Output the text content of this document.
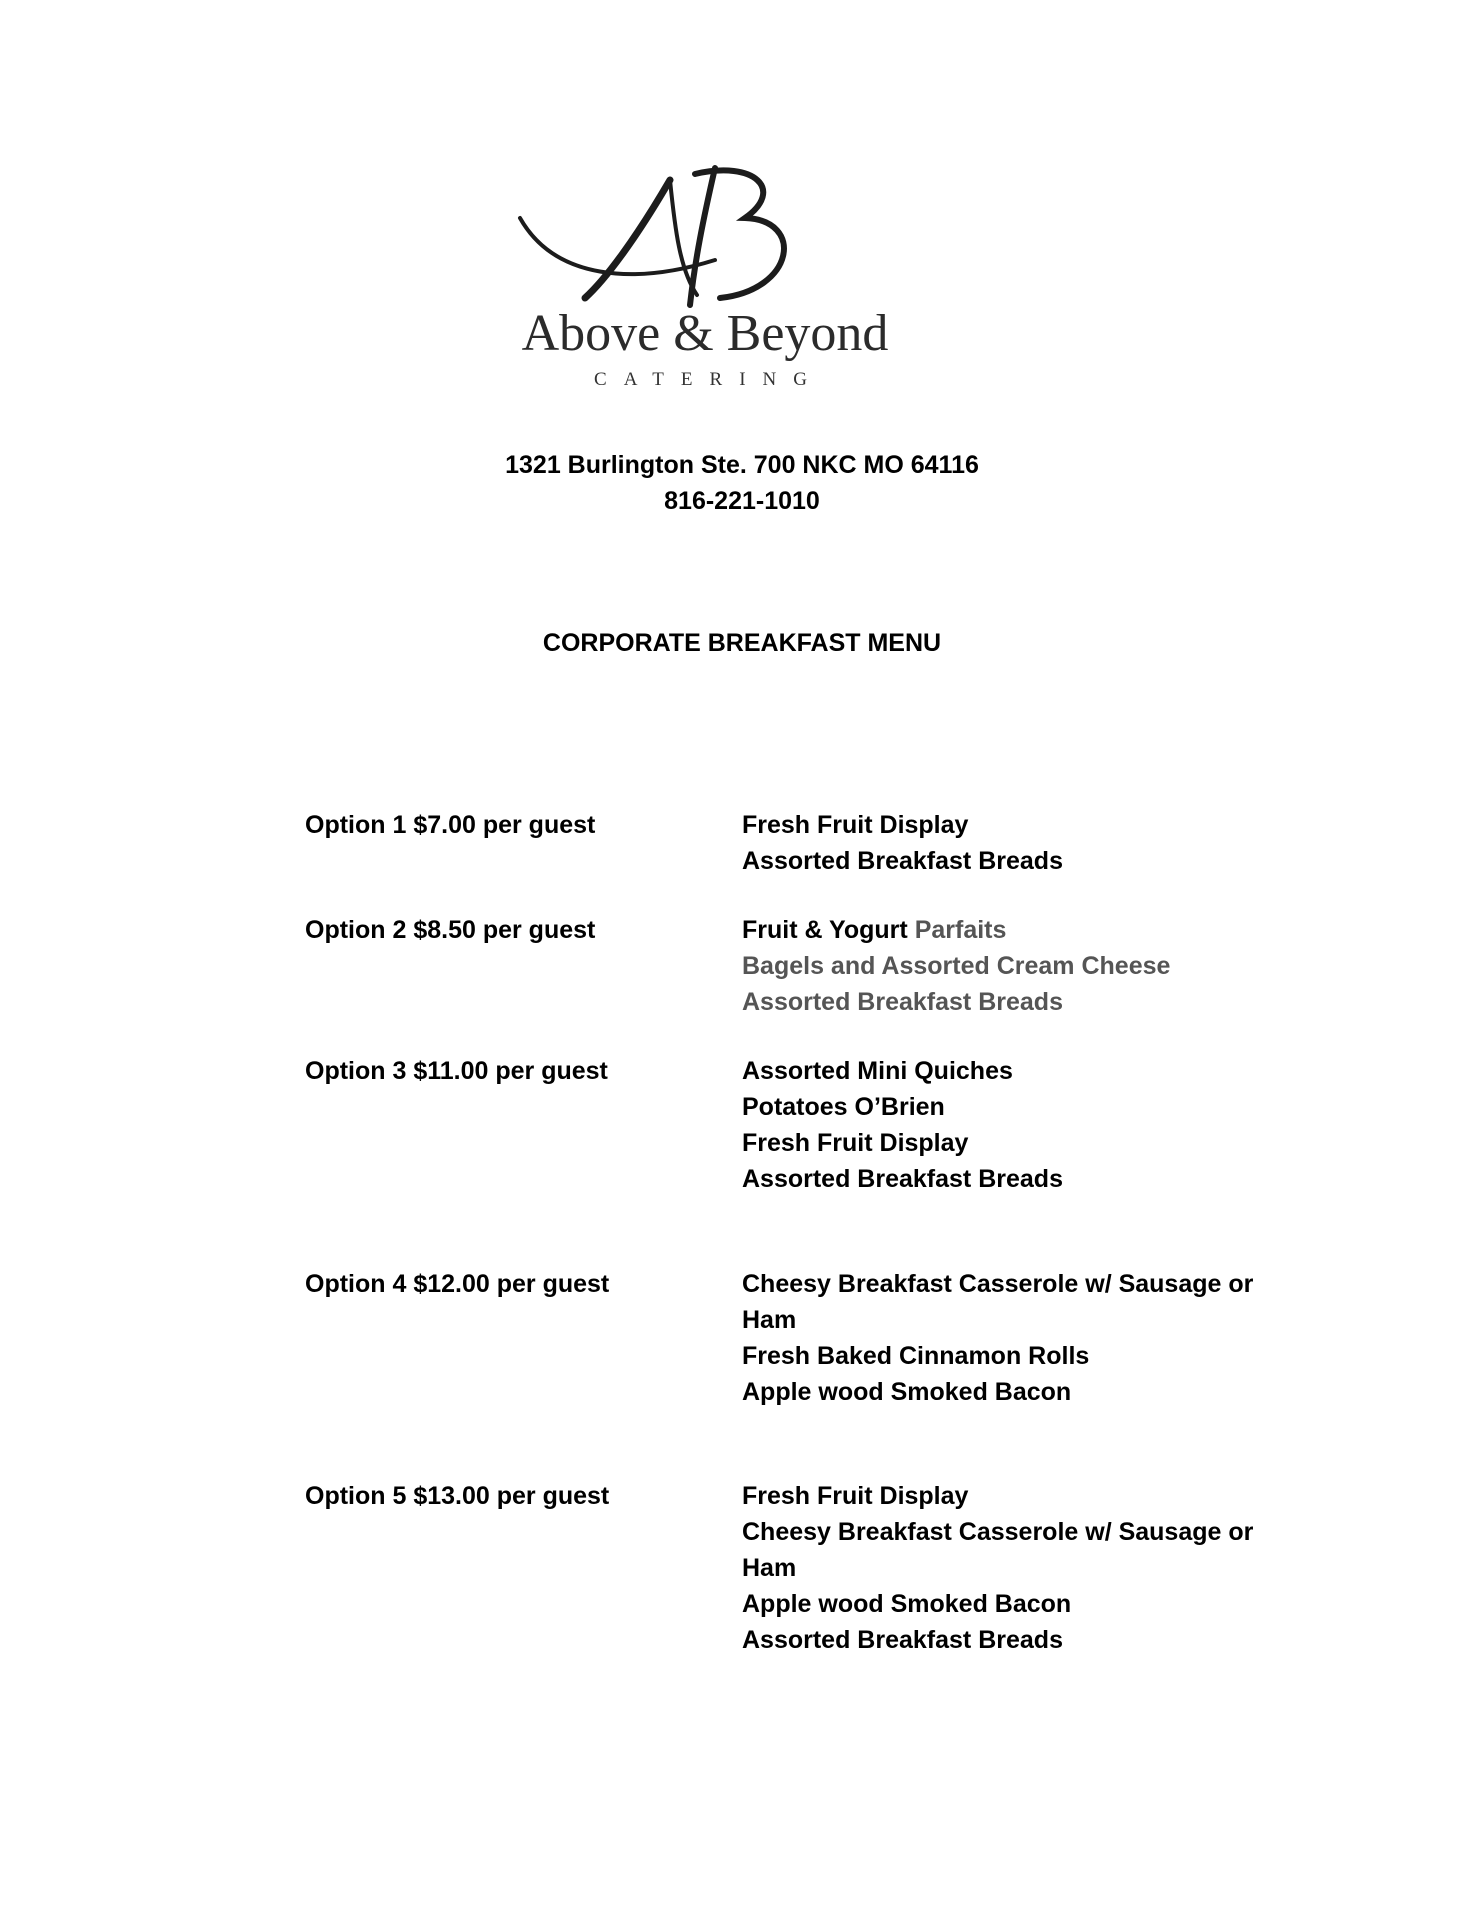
Above & Beyond
CATERING
1321 Burlington Ste. 700 NKC MO 64116
816-221-1010
CORPORATE BREAKFAST MENU
Option 1 $7.00 per guest	Fresh Fruit Display
Assorted Breakfast Breads
Option 2 $8.50 per guest	Fruit & Yogurt Parfaits
Bagels and Assorted Cream Cheese
Assorted Breakfast Breads
Option 3 $11.00 per guest	Assorted Mini Quiches
Potatoes O’Brien
Fresh Fruit Display
Assorted Breakfast Breads
Option 4 $12.00 per guest	Cheesy Breakfast Casserole w/ Sausage or
Ham
Fresh Baked Cinnamon Rolls
Apple wood Smoked Bacon
Option 5 $13.00 per guest	Fresh Fruit Display
Cheesy Breakfast Casserole w/ Sausage or
Ham
Apple wood Smoked Bacon
Assorted Breakfast Breads
